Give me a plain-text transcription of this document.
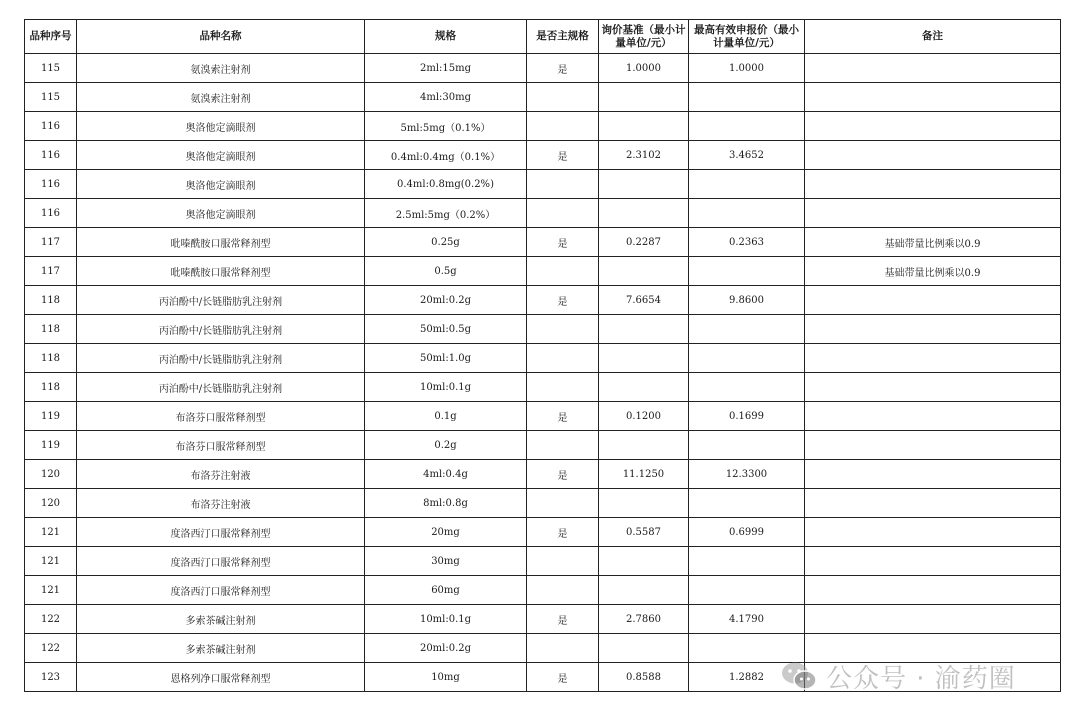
品种序号	品种名称	规格	是否主规格	询价基准（最小计量单位/元）	最高有效申报价（最小计量单位/元）	备注
115	氨溴索注射剂	2ml:15mg	是	1.0000	1.0000	
115	氨溴索注射剂	4ml:30mg				
116	奥洛他定滴眼剂	5ml:5mg（0.1%）				
116	奥洛他定滴眼剂	0.4ml:0.4mg（0.1%）	是	2.3102	3.4652	
116	奥洛他定滴眼剂	0.4ml:0.8mg(0.2%)				
116	奥洛他定滴眼剂	2.5ml:5mg（0.2%）				
117	吡嗪酰胺口服常释剂型	0.25g	是	0.2287	0.2363	基础带量比例乘以0.9
117	吡嗪酰胺口服常释剂型	0.5g				基础带量比例乘以0.9
118	丙泊酚中/长链脂肪乳注射剂	20ml:0.2g	是	7.6654	9.8600	
118	丙泊酚中/长链脂肪乳注射剂	50ml:0.5g				
118	丙泊酚中/长链脂肪乳注射剂	50ml:1.0g				
118	丙泊酚中/长链脂肪乳注射剂	10ml:0.1g				
119	布洛芬口服常释剂型	0.1g	是	0.1200	0.1699	
119	布洛芬口服常释剂型	0.2g				
120	布洛芬注射液	4ml:0.4g	是	11.1250	12.3300	
120	布洛芬注射液	8ml:0.8g				
121	度洛西汀口服常释剂型	20mg	是	0.5587	0.6999	
121	度洛西汀口服常释剂型	30mg				
121	度洛西汀口服常释剂型	60mg				
122	多索茶碱注射剂	10ml:0.1g	是	2.7860	4.1790	
122	多索茶碱注射剂	20ml:0.2g				
123	恩格列净口服常释剂型	10mg	是	0.8588	1.2882	公众号 · 渝药圈
